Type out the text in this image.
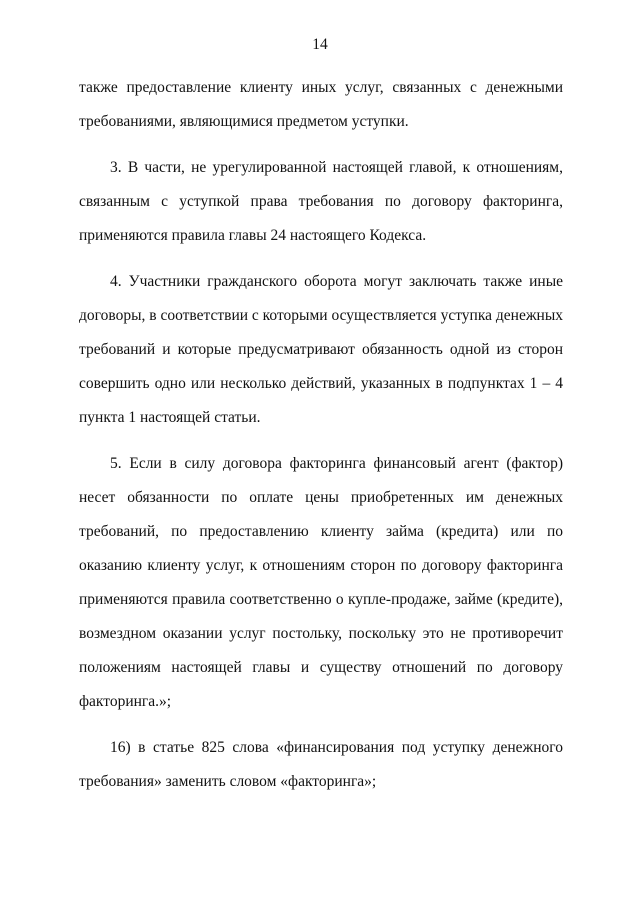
14

также предоставление клиенту иных услуг, связанных с денежными требованиями, являющимися предметом уступки.

3. В части, не урегулированной настоящей главой, к отношениям, связанным с уступкой права требования по договору факторинга, применяются правила главы 24 настоящего Кодекса.

4. Участники гражданского оборота могут заключать также иные договоры, в соответствии с которыми осуществляется уступка денежных требований и которые предусматривают обязанность одной из сторон совершить одно или несколько действий, указанных в подпунктах 1 – 4 пункта 1 настоящей статьи.

5. Если в силу договора факторинга финансовый агент (фактор) несет обязанности по оплате цены приобретенных им денежных требований, по предоставлению клиенту займа (кредита) или по оказанию клиенту услуг, к отношениям сторон по договору факторинга применяются правила соответственно о купле-продаже, займе (кредите), возмездном оказании услуг постольку, поскольку это не противоречит положениям настоящей главы и существу отношений по договору факторинга.»;

16) в статье 825 слова «финансирования под уступку денежного требования» заменить словом «факторинга»;
